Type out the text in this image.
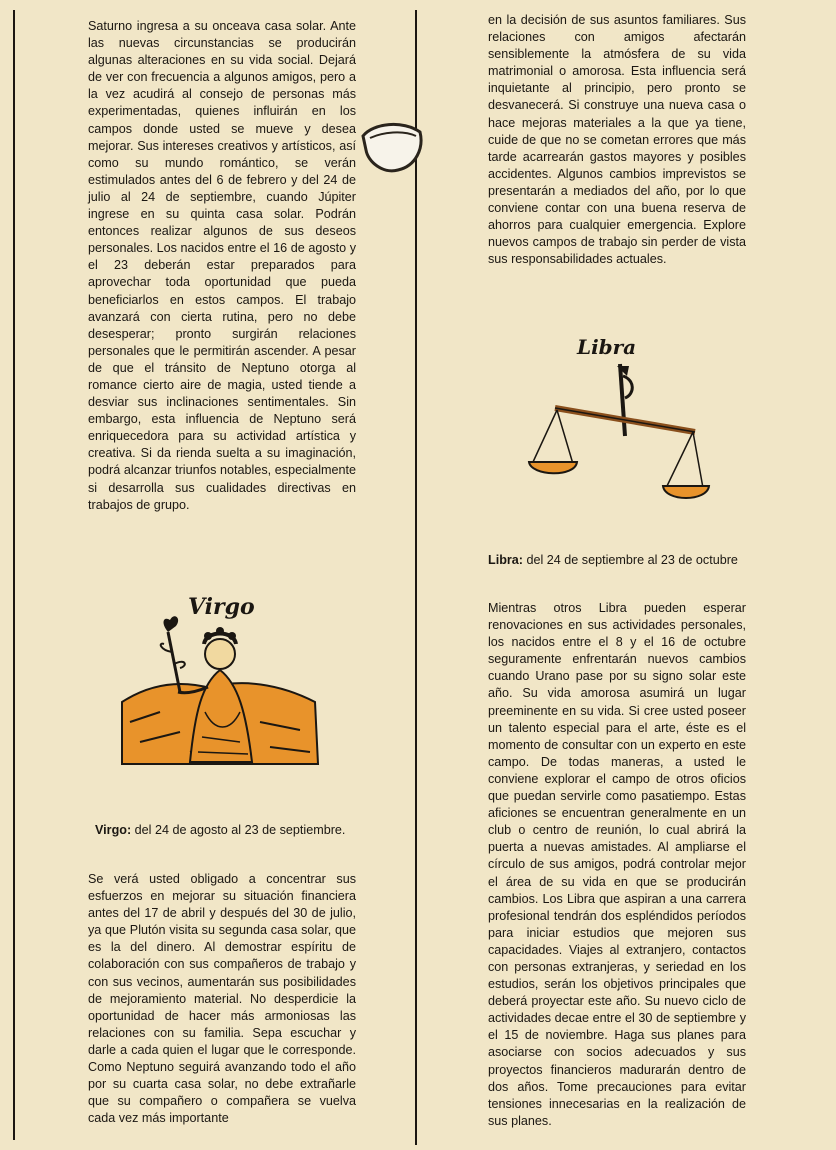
Saturno ingresa a su onceava casa solar. Ante las nuevas circunstancias se producirán algunas alteraciones en su vida social. Dejará de ver con frecuencia a algunos amigos, pero a la vez acudirá al consejo de personas más experimentadas, quienes influirán en los campos donde usted se mueve y desea mejorar. Sus intereses creativos y artísticos, así como su mundo romántico, se verán estimulados antes del 6 de febrero y del 24 de julio al 24 de septiembre, cuando Júpiter ingrese en su quinta casa solar. Podrán entonces realizar algunos de sus deseos personales. Los nacidos entre el 16 de agosto y el 23 deberán estar preparados para aprovechar toda oportunidad que pueda beneficiarlos en estos campos. El trabajo avanzará con cierta rutina, pero no debe desesperar; pronto surgirán relaciones personales que le permitirán ascender. A pesar de que el tránsito de Neptuno otorga al romance cierto aire de magia, usted tiende a desviar sus inclinaciones sentimentales. Sin embargo, esta influencia de Neptuno será enriquecedora para su actividad artística y creativa. Si da rienda suelta a su imaginación, podrá alcanzar triunfos notables, especialmente si desarrolla sus cualidades directivas en trabajos de grupo.

Virgo
Virgo: del 24 de agosto al 23 de septiembre.

Se verá usted obligado a concentrar sus esfuerzos en mejorar su situación financiera antes del 17 de abril y después del 30 de julio, ya que Plutón visita su segunda casa solar, que es la del dinero. Al demostrar espíritu de colaboración con sus compañeros de trabajo y con sus vecinos, aumentarán sus posibilidades de mejoramiento material. No desperdicie la oportunidad de hacer más armoniosas las relaciones con su familia. Sepa escuchar y darle a cada quien el lugar que le corresponde. Como Neptuno seguirá avanzando todo el año por su cuarta casa solar, no debe extrañarle que su compañero o compañera se vuelva cada vez más importante

en la decisión de sus asuntos familiares. Sus relaciones con amigos afectarán sensiblemente la atmósfera de su vida matrimonial o amorosa. Esta influencia será inquietante al principio, pero pronto se desvanecerá. Si construye una nueva casa o hace mejoras materiales a la que ya tiene, cuide de que no se cometan errores que más tarde acarrearán gastos mayores y posibles accidentes. Algunos cambios imprevistos se presentarán a mediados del año, por lo que conviene contar con una buena reserva de ahorros para cualquier emergencia. Explore nuevos campos de trabajo sin perder de vista sus responsabilidades actuales.

Libra
Libra: del 24 de septiembre al 23 de octubre

Mientras otros Libra pueden esperar renovaciones en sus actividades personales, los nacidos entre el 8 y el 16 de octubre seguramente enfrentarán nuevos cambios cuando Urano pase por su signo solar este año. Su vida amorosa asumirá un lugar preeminente en su vida. Si cree usted poseer un talento especial para el arte, éste es el momento de consultar con un experto en este campo. De todas maneras, a usted le conviene explorar el campo de otros oficios que puedan servirle como pasatiempo. Estas aficiones se encuentran generalmente en un club o centro de reunión, lo cual abrirá la puerta a nuevas amistades. Al ampliarse el círculo de sus amigos, podrá controlar mejor el área de su vida en que se producirán cambios. Los Libra que aspiran a una carrera profesional tendrán dos espléndidos períodos para iniciar estudios que mejoren sus capacidades. Viajes al extranjero, contactos con personas extranjeras, y seriedad en los estudios, serán los objetivos principales que deberá proyectar este año. Su nuevo ciclo de actividades decae entre el 30 de septiembre y el 15 de noviembre. Haga sus planes para asociarse con socios adecuados y sus proyectos financieros madurarán dentro de dos años. Tome precauciones para evitar tensiones innecesarias en la realización de sus planes.
